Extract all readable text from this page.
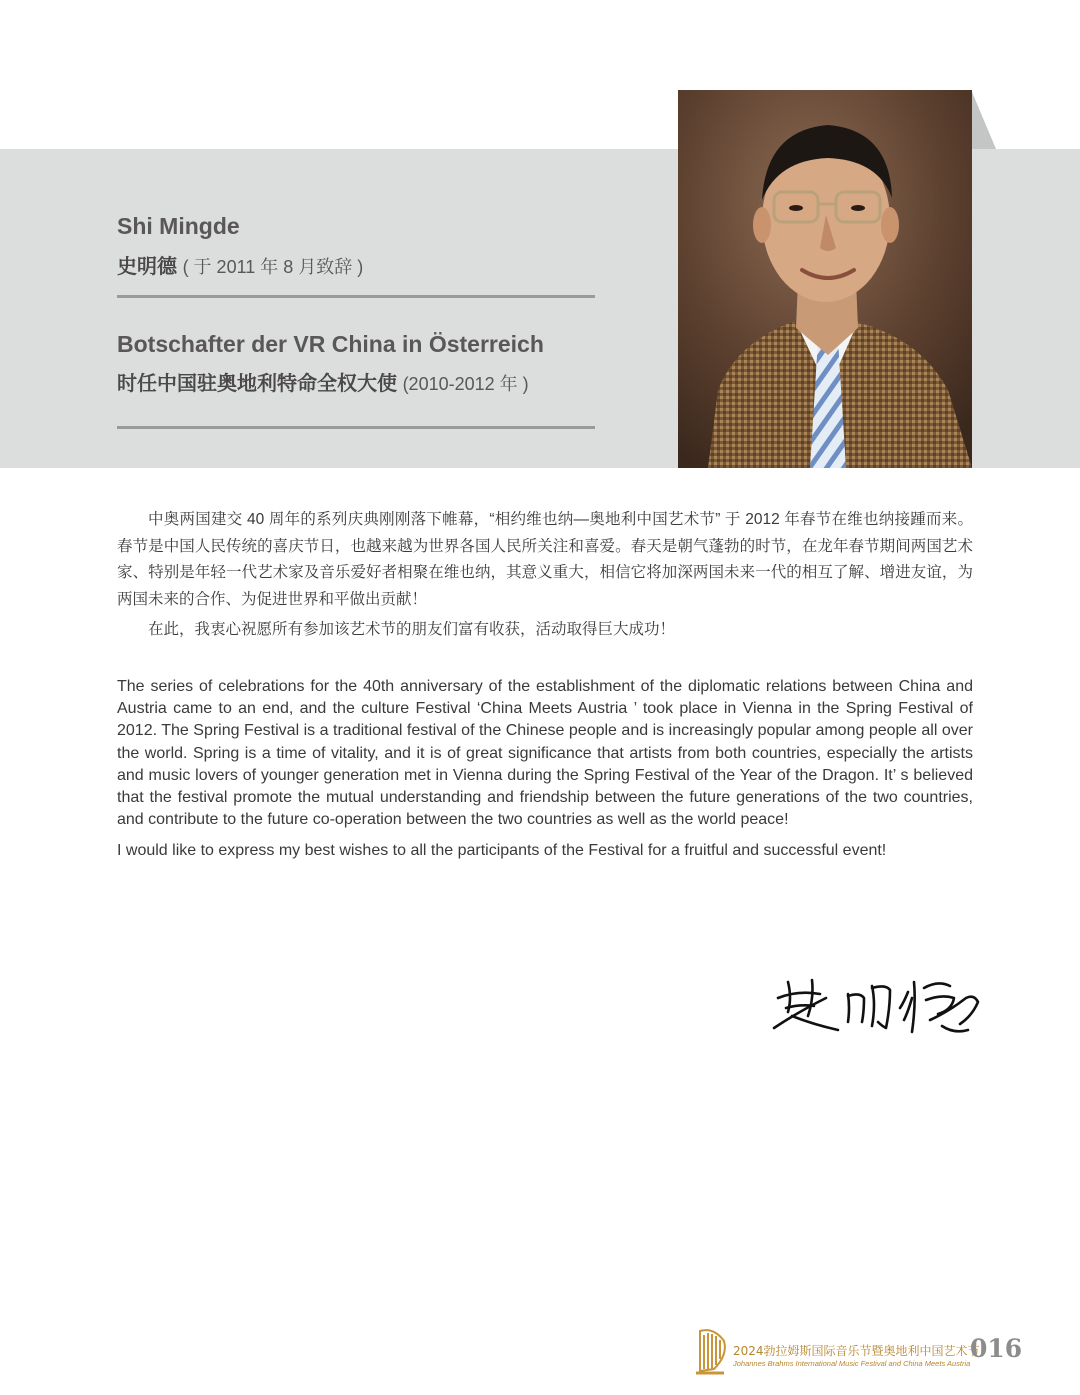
Shi Mingde

史明德 ( 于 2011 年 8 月致辞 )

Botschafter der VR China in Österreich

时任中国驻奥地利特命全权大使 (2010-2012 年 )

中奥两国建交 40 周年的系列庆典刚刚落下帷幕，“相约维也纳—奥地利中国艺术节” 于 2012 年春节在维也纳接踵而来。春节是中国人民传统的喜庆节日，也越来越为世界各国人民所关注和喜爱。春天是朝气蓬勃的时节，在龙年春节期间两国艺术家、特别是年轻一代艺术家及音乐爱好者相聚在维也纳，其意义重大，相信它将加深两国未来一代的相互了解、增进友谊，为两国未来的合作、为促进世界和平做出贡献！

在此，我衷心祝愿所有参加该艺术节的朋友们富有收获，活动取得巨大成功！

The series of celebrations for the 40th anniversary of the establishment of the diplomatic relations between China and Austria came to an end, and the culture Festival ‘China Meets Austria ’ took place in Vienna in the Spring Festival of 2012. The Spring Festival is a traditional festival of the Chinese people and is increasingly popular among people all over the world. Spring is a time of vitality, and it is of great significance that artists from both countries, especially the artists and music lovers of younger generation met in Vienna during the Spring Festival of the Year of the Dragon. It’ s believed that the festival promote the mutual understanding and friendship between the future generations of the two countries, and contribute to the future co-operation between the two countries as well as the world peace!

I would like to express my best wishes to all the participants of the Festival for a fruitful and successful event!

2024勃拉姆斯国际音乐节暨奥地利中国艺术节

Johannes Brahms International Music Festival and China Meets Austria

016
